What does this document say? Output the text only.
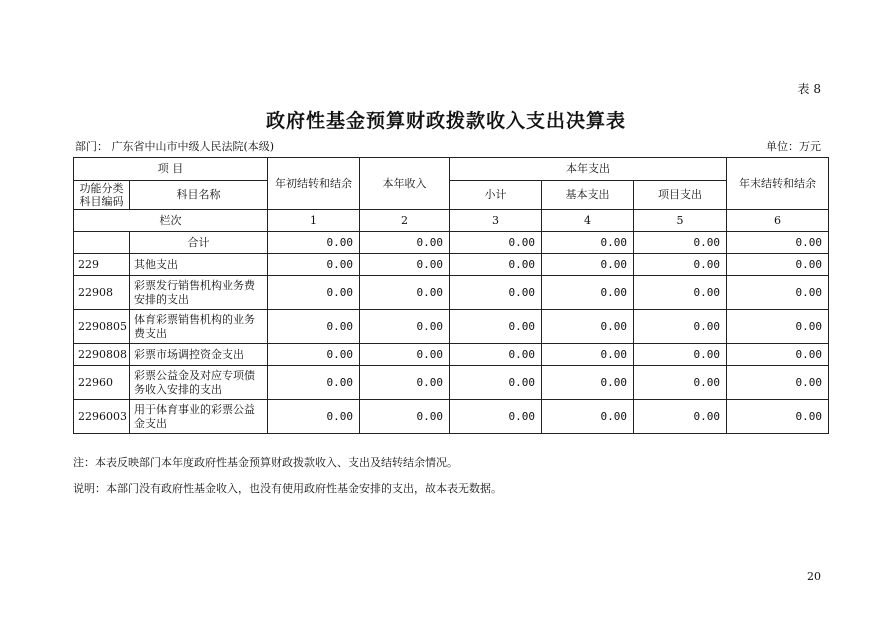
表 8
政府性基金预算财政拨款收入支出决算表
部门： 广东省中山市中级人民法院(本级)	单位：万元
项 目		年初结转和结余	本年收入	本年支出			年末结转和结余
功能分类
科目编码	科目名称			小计	基本支出	项目支出	
栏次		1	2	3	4	5	6
	合计	0.00	0.00	0.00	0.00	0.00	0.00
229	其他支出	0.00	0.00	0.00	0.00	0.00	0.00
22908	彩票发行销售机构业务费安排的支出	0.00	0.00	0.00	0.00	0.00	0.00
2290805	体育彩票销售机构的业务费支出	0.00	0.00	0.00	0.00	0.00	0.00
2290808	彩票市场调控资金支出	0.00	0.00	0.00	0.00	0.00	0.00
22960	彩票公益金及对应专项债务收入安排的支出	0.00	0.00	0.00	0.00	0.00	0.00
2296003	用于体育事业的彩票公益金支出	0.00	0.00	0.00	0.00	0.00	0.00
注：本表反映部门本年度政府性基金预算财政拨款收入、支出及结转结余情况。
说明：本部门没有政府性基金收入，也没有使用政府性基金安排的支出，故本表无数据。
20
